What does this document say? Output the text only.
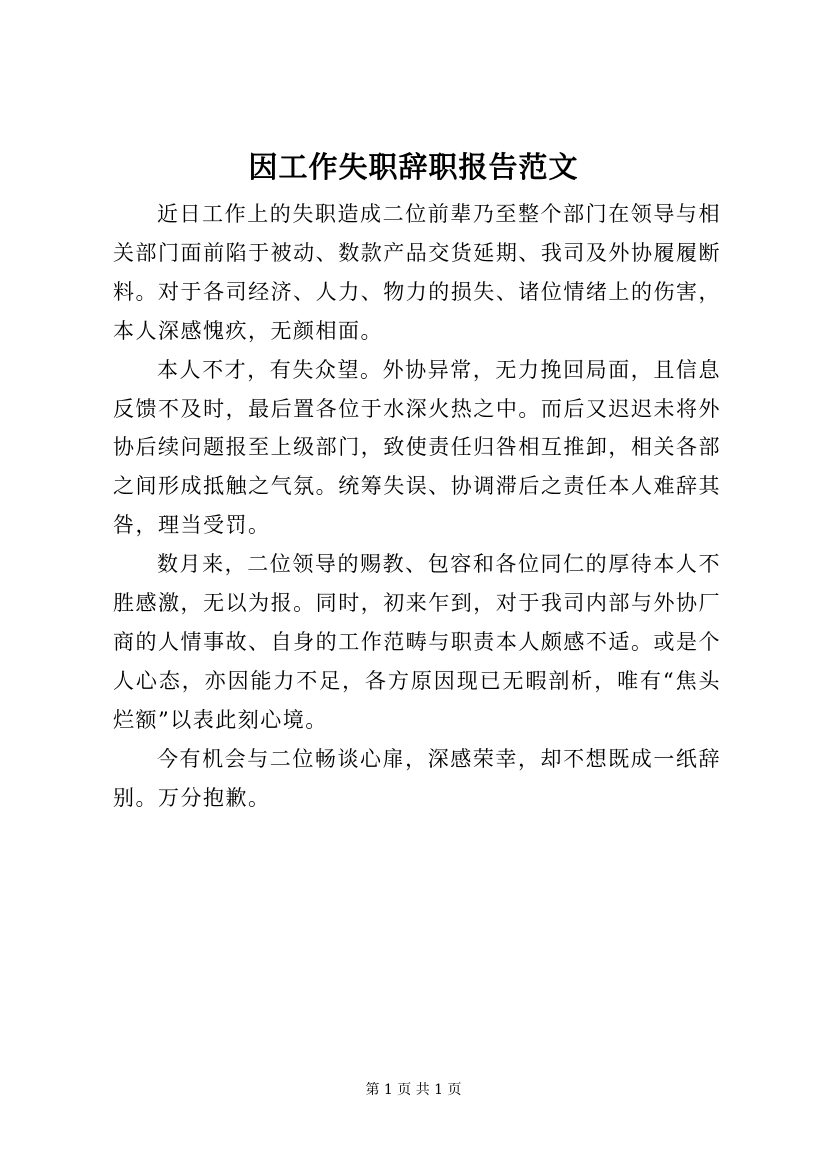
因工作失职辞职报告范文

近日工作上的失职造成二位前辈乃至整个部门在领导与相关部门面前陷于被动、数款产品交货延期、我司及外协履履断料。对于各司经济、人力、物力的损失、诸位情绪上的伤害，本人深感愧疚，无颜相面。

本人不才，有失众望。外协异常，无力挽回局面，且信息反馈不及时，最后置各位于水深火热之中。而后又迟迟未将外协后续问题报至上级部门，致使责任归咎相互推卸，相关各部之间形成抵触之气氛。统筹失误、协调滞后之责任本人难辞其咎，理当受罚。

数月来，二位领导的赐教、包容和各位同仁的厚待本人不胜感激，无以为报。同时，初来乍到，对于我司内部与外协厂商的人情事故、自身的工作范畴与职责本人颇感不适。或是个人心态，亦因能力不足，各方原因现已无暇剖析，唯有“焦头烂额”以表此刻心境。

今有机会与二位畅谈心扉，深感荣幸，却不想既成一纸辞别。万分抱歉。

第 1 页 共 1 页
